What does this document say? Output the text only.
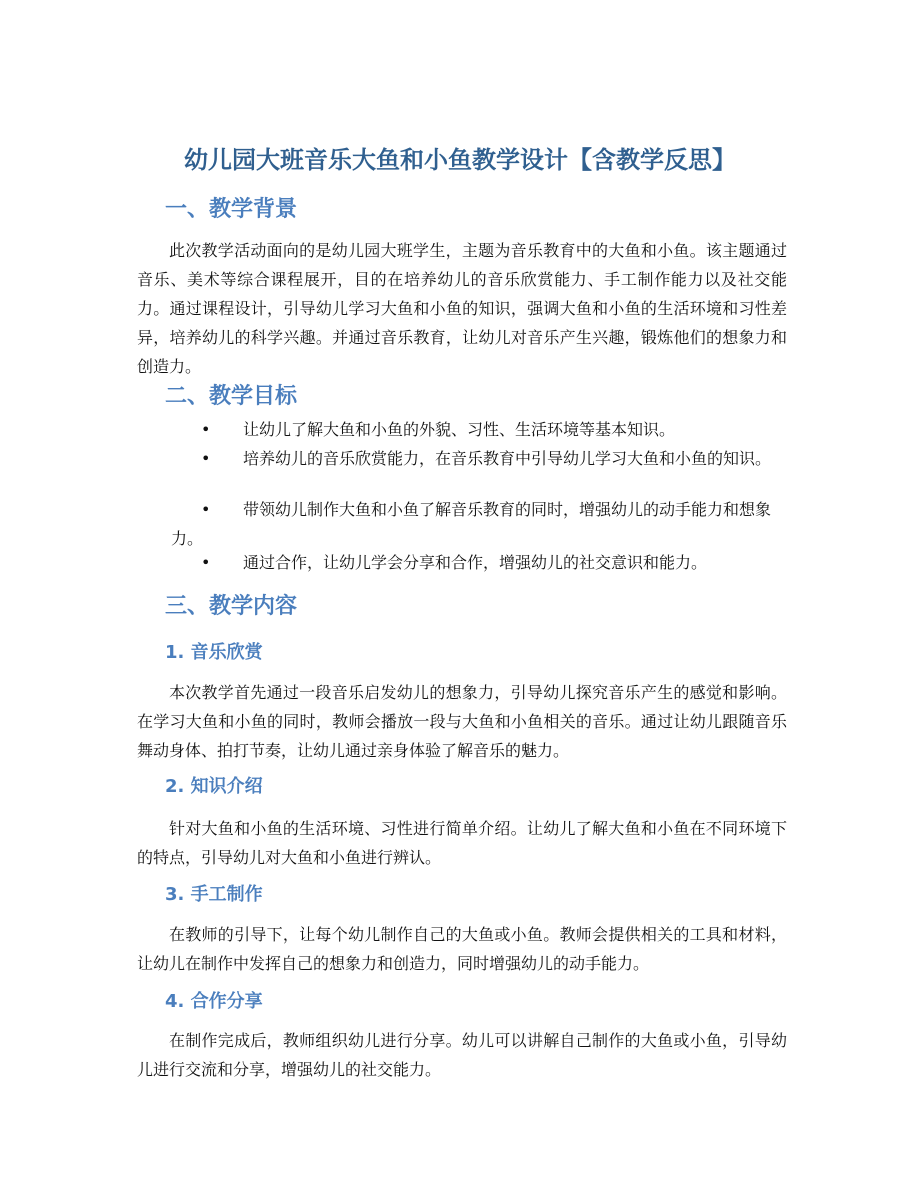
幼儿园大班音乐大鱼和小鱼教学设计【含教学反思】
一、教学背景

此次教学活动面向的是幼儿园大班学生，主题为音乐教育中的大鱼和小鱼。该主题通过音乐、美术等综合课程展开，目的在培养幼儿的音乐欣赏能力、手工制作能力以及社交能力。通过课程设计，引导幼儿学习大鱼和小鱼的知识，强调大鱼和小鱼的生活环境和习性差异，培养幼儿的科学兴趣。并通过音乐教育，让幼儿对音乐产生兴趣，锻炼他们的想象力和创造力。

二、教学目标

• 让幼儿了解大鱼和小鱼的外貌、习性、生活环境等基本知识。

• 培养幼儿的音乐欣赏能力，在音乐教育中引导幼儿学习大鱼和小鱼的知识。

• 带领幼儿制作大鱼和小鱼了解音乐教育的同时，增强幼儿的动手能力和想象力。

• 通过合作，让幼儿学会分享和合作，增强幼儿的社交意识和能力。

三、教学内容
1. 音乐欣赏

本次教学首先通过一段音乐启发幼儿的想象力，引导幼儿探究音乐产生的感觉和影响。在学习大鱼和小鱼的同时，教师会播放一段与大鱼和小鱼相关的音乐。通过让幼儿跟随音乐舞动身体、拍打节奏，让幼儿通过亲身体验了解音乐的魅力。

2. 知识介绍

针对大鱼和小鱼的生活环境、习性进行简单介绍。让幼儿了解大鱼和小鱼在不同环境下的特点，引导幼儿对大鱼和小鱼进行辨认。

3. 手工制作

在教师的引导下，让每个幼儿制作自己的大鱼或小鱼。教师会提供相关的工具和材料，让幼儿在制作中发挥自己的想象力和创造力，同时增强幼儿的动手能力。

4. 合作分享

在制作完成后，教师组织幼儿进行分享。幼儿可以讲解自己制作的大鱼或小鱼，引导幼儿进行交流和分享，增强幼儿的社交能力。
